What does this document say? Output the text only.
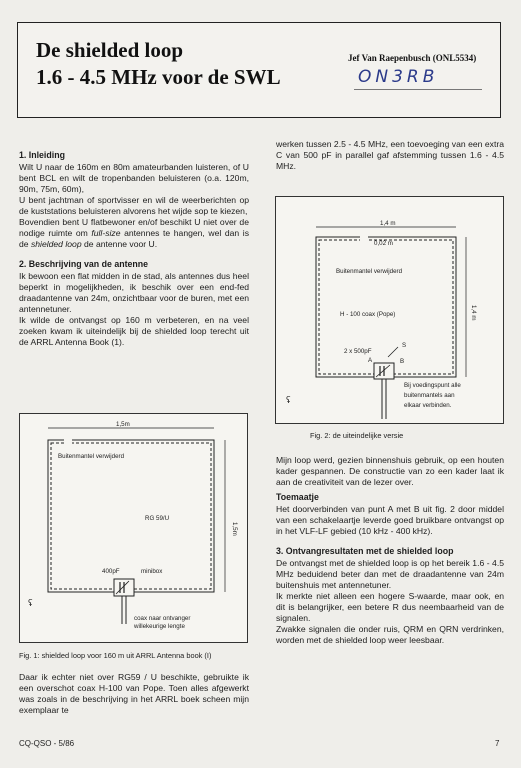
De shielded loop
1.6 - 4.5 MHz voor de SWL
Jef Van Raepenbusch (ONL5534)
ON3RB
1. Inleiding

Wilt U naar de 160m en 80m amateurbanden luisteren, of U bent BCL en wilt de tropenbanden beluisteren (o.a. 120m, 90m, 75m, 60m),

U bent jachtman of sportvisser en wil de weerberichten op de kuststations beluisteren alvorens het wijde sop te kiezen,

Bovendien bent U flatbewoner en/of beschikt U niet over de nodige ruimte om full-size antennes te hangen, wel dan is de shielded loop de antenne voor U.

2. Beschrijving van de antenne

Ik bewoon een flat midden in de stad, als antennes dus heel beperkt in mogelijkheden, ik beschik over een end-fed draadantenne van 24m, onzichtbaar voor de buren, met een antennetuner.

Ik wilde de ontvangst op 160 m verbeteren, en na veel zoeken kwam ik uiteindelijk bij de shielded loop terecht uit de ARRL Antenna Book (1).

1,5m
1,5m
Buitenmantel verwijderd
RG 59/U
400pF	minibox
coax naar ontvanger
willekeurige lengte
ʢ
Fig. 1: shielded loop voor 160 m uit ARRL Antenna book (I)

Daar ik echter niet over RG59 / U beschikte, gebruikte ik een overschot coax H-100 van Pope. Toen alles afgewerkt was zoals in de beschrijving in het ARRL boek scheen mijn exemplaar te

werken tussen 2.5 - 4.5 MHz, een toevoeging van een extra C van 500 pF in parallel gaf afstemming tussen 1.6 - 4.5 MHz.

1,4 m
0,02 m
1,4 m
Buitenmantel verwijderd
H - 100 coax (Pope)
2 x 500pF
S
A	B
Bij voedingspunt alle
buitenmantels aan
elkaar verbinden.
ʢ
Fig. 2: de uiteindelijke versie

Mijn loop werd, gezien binnenshuis gebruik, op een houten kader gespannen. De constructie van zo een kader laat ik aan de creativiteit van de lezer over.

Toemaatje

Het doorverbinden van punt A met B uit fig. 2 door middel van een schakelaartje leverde goed bruikbare ontvangst op in het VLF-LF gebied (10 kHz - 400 kHz).

3. Ontvangresultaten met de shielded loop

De ontvangst met de shielded loop is op het bereik 1.6 - 4.5 MHz beduidend beter dan met de draadantenne van 24m buitenshuis met antennetuner.

Ik merkte niet alleen een hogere S-waarde, maar ook, en dit is belangrijker, een betere R dus neembaarheid van de signalen.

Zwakke signalen die onder ruis, QRM en QRN verdrinken, worden met de shielded loop weer leesbaar.

CQ-QSO - 5/86	7
